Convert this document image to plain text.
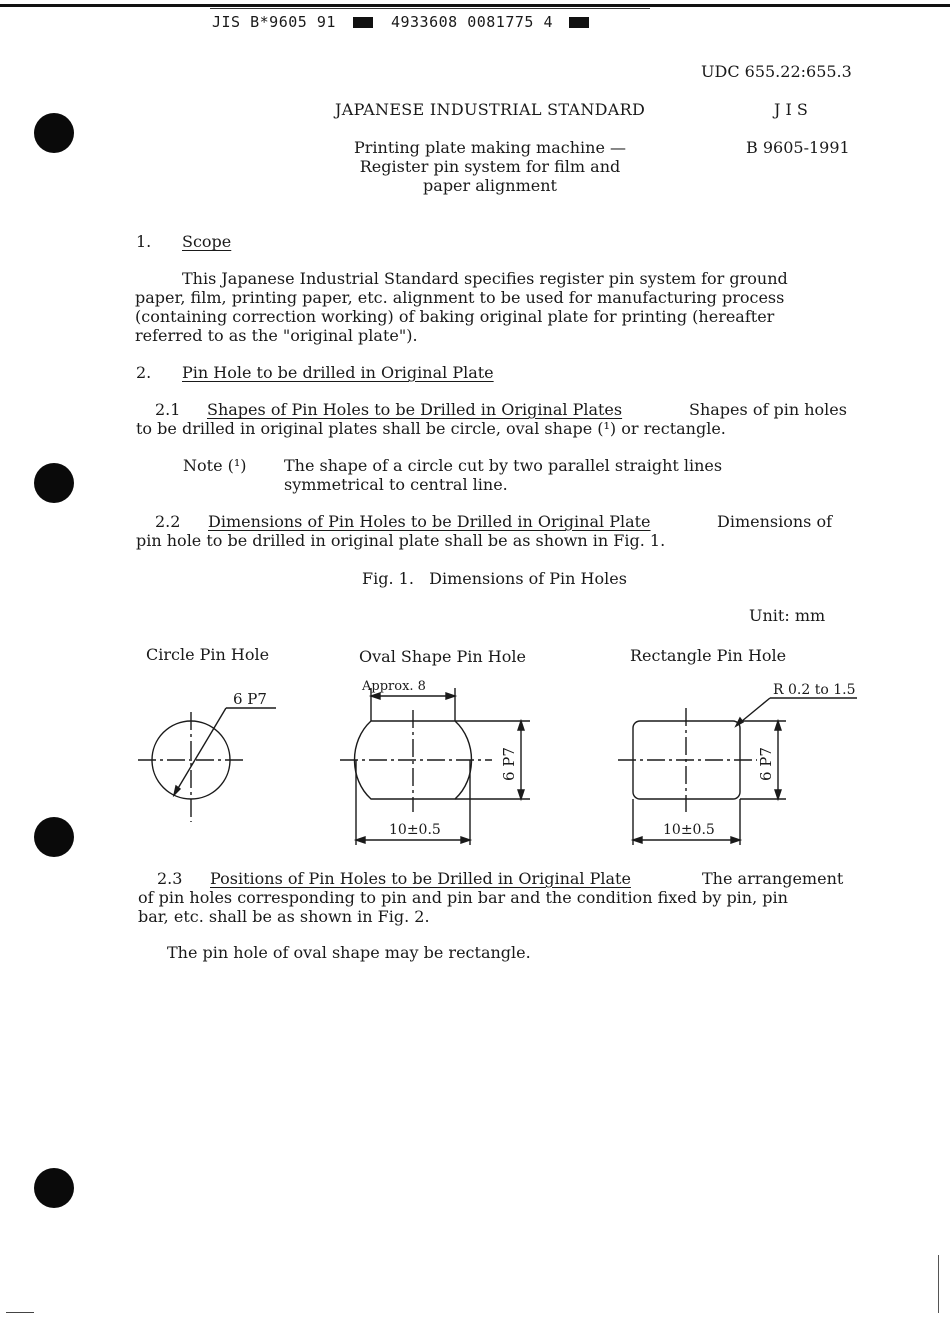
JIS B*9605 91	4933608 0081775 4
UDC 655.22:655.3
JAPANESE INDUSTRIAL STANDARD	J I S
B 9605-1991
Printing plate making machine —
Register pin system for film and
paper alignment
1. Scope
This Japanese Industrial Standard specifies register pin system for ground
paper, film, printing paper, etc. alignment to be used for manufacturing process
(containing correction working) of baking original plate for printing (hereafter
referred to as the "original plate").
2. Pin Hole to be drilled in Original Plate
2.1 Shapes of Pin Holes to be Drilled in Original Plates	Shapes of pin holes
to be drilled in original plates shall be circle, oval shape (¹) or rectangle.
Note (¹) The shape of a circle cut by two parallel straight lines
symmetrical to central line.
2.2 Dimensions of Pin Holes to be Drilled in Original Plate	Dimensions of
pin hole to be drilled in original plate shall be as shown in Fig. 1.
Fig. 1.   Dimensions of Pin Holes
Unit: mm
Circle Pin Hole	Oval Shape Pin Hole	Rectangle Pin Hole
6 P7
Approx. 8
6 P7
10±0.5
R 0.2 to 1.5
6 P7
10±0.5
2.3 Positions of Pin Holes to be Drilled in Original Plate	The arrangement
of pin holes corresponding to pin and pin bar and the condition fixed by pin, pin
bar, etc. shall be as shown in Fig. 2.
The pin hole of oval shape may be rectangle.
